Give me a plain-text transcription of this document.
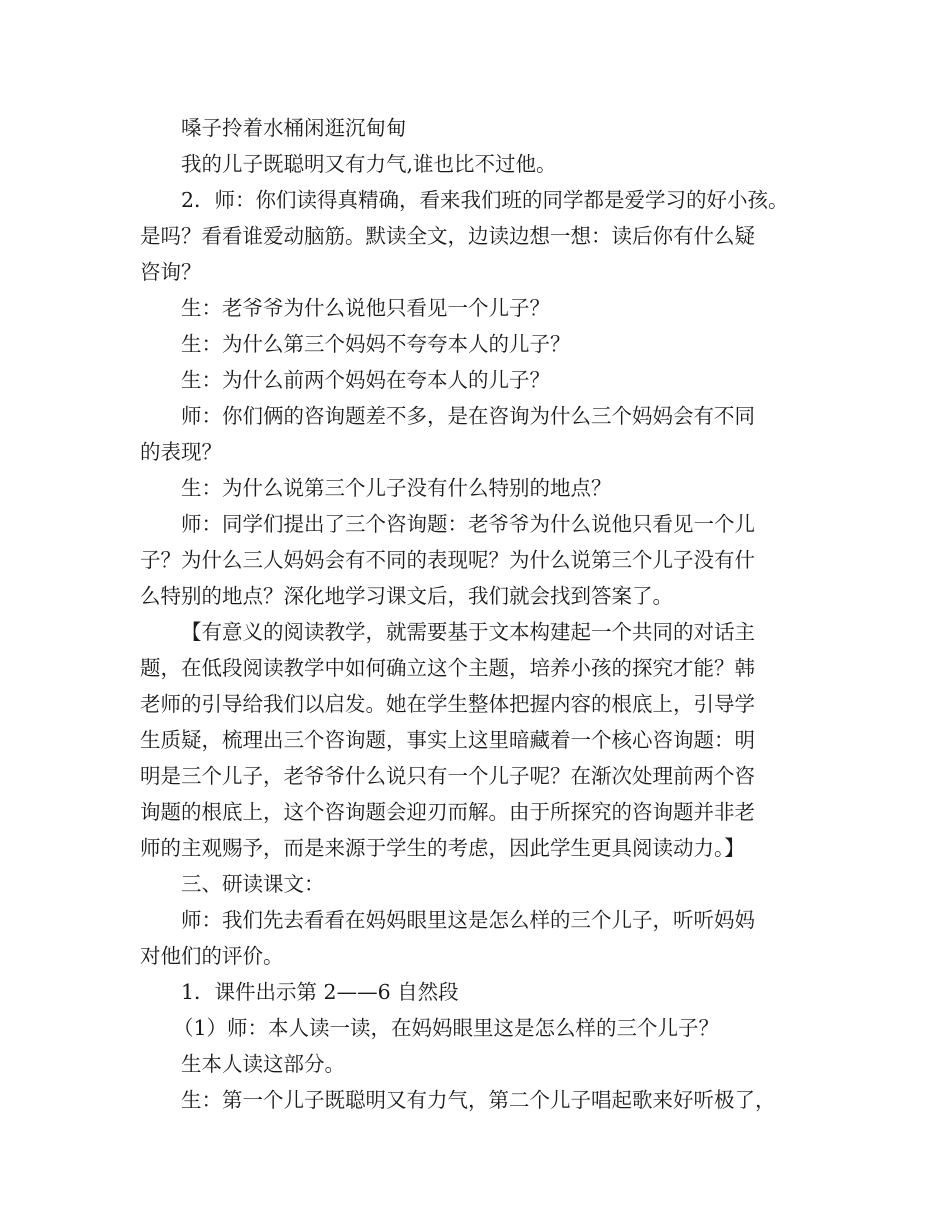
嗓子拎着水桶闲逛沉甸甸
我的儿子既聪明又有力气,谁也比不过他。
2．师：你们读得真精确，看来我们班的同学都是爱学习的好小孩。
是吗？看看谁爱动脑筋。默读全文，边读边想一想：读后你有什么疑
咨询？
生：老爷爷为什么说他只看见一个儿子？
生：为什么第三个妈妈不夸夸本人的儿子？
生：为什么前两个妈妈在夸本人的儿子？
师：你们俩的咨询题差不多，是在咨询为什么三个妈妈会有不同
的表现？
生：为什么说第三个儿子没有什么特别的地点？
师：同学们提出了三个咨询题：老爷爷为什么说他只看见一个儿
子？为什么三人妈妈会有不同的表现呢？为什么说第三个儿子没有什
么特别的地点？深化地学习课文后，我们就会找到答案了。
【有意义的阅读教学，就需要基于文本构建起一个共同的对话主
题，在低段阅读教学中如何确立这个主题，培养小孩的探究才能？韩
老师的引导给我们以启发。她在学生整体把握内容的根底上，引导学
生质疑，梳理出三个咨询题，事实上这里暗藏着一个核心咨询题：明
明是三个儿子，老爷爷什么说只有一个儿子呢？在渐次处理前两个咨
询题的根底上，这个咨询题会迎刃而解。由于所探究的咨询题并非老
师的主观赐予，而是来源于学生的考虑，因此学生更具阅读动力。】
三、研读课文：
师：我们先去看看在妈妈眼里这是怎么样的三个儿子，听听妈妈
对他们的评价。
1．课件出示第 2——6 自然段
（1）师：本人读一读，在妈妈眼里这是怎么样的三个儿子？
生本人读这部分。
生：第一个儿子既聪明又有力气，第二个儿子唱起歌来好听极了，
